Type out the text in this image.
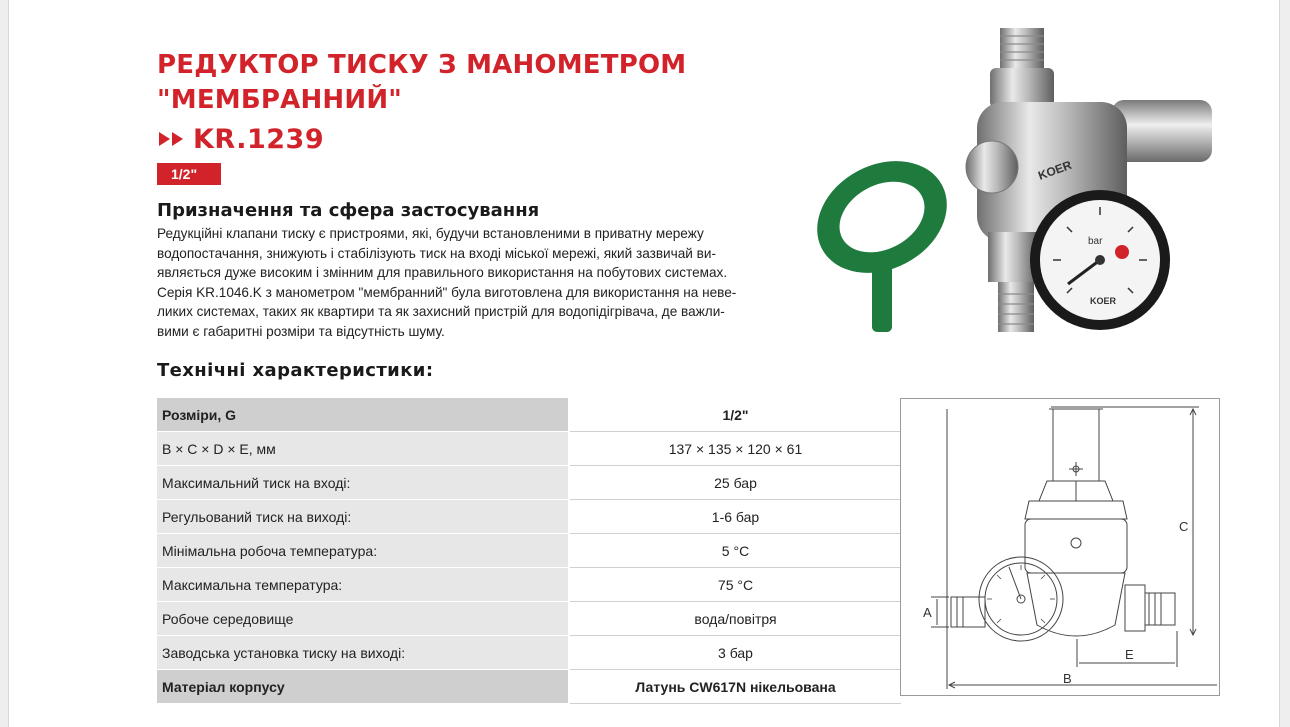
РЕДУКТОР ТИСКУ З МАНОМЕТРОМ
"МЕМБРАННИЙ"
KR.1239
1/2"
Призначення та сфера застосування

Редукційні клапани тиску є пристроями, які, будучи встановленими в приватну мережу
водопостачання, знижують і стабілізують тиск на вході міської мережі, який зазвичай ви-
являється дуже високим і змінним для правильного використання на побутових системах.
Серія KR.1046.K з манометром "мембранний" була виготовлена для використання на неве-
ликих системах, таких як квартири та як захисний пристрій для водопідігрівача, де важли-
вими є габаритні розміри та відсутність шуму.

KOER
bar
KOER
Технічні характеристики:
Розміри, G	1/2"
B × C × D × E, мм	137 × 135 × 120 × 61
Максимальний тиск на вході:	25 бар
Регульований тиск на виході:	1-6 бар
Мінімальна робоча температура:	5 °C
Максимальна температура:	75 °C
Робоче середовище	вода/повітря
Заводська установка тиску на виході:	3 бар
Матеріал корпусу	Латунь CW617N нікельована
A
B
C
E
